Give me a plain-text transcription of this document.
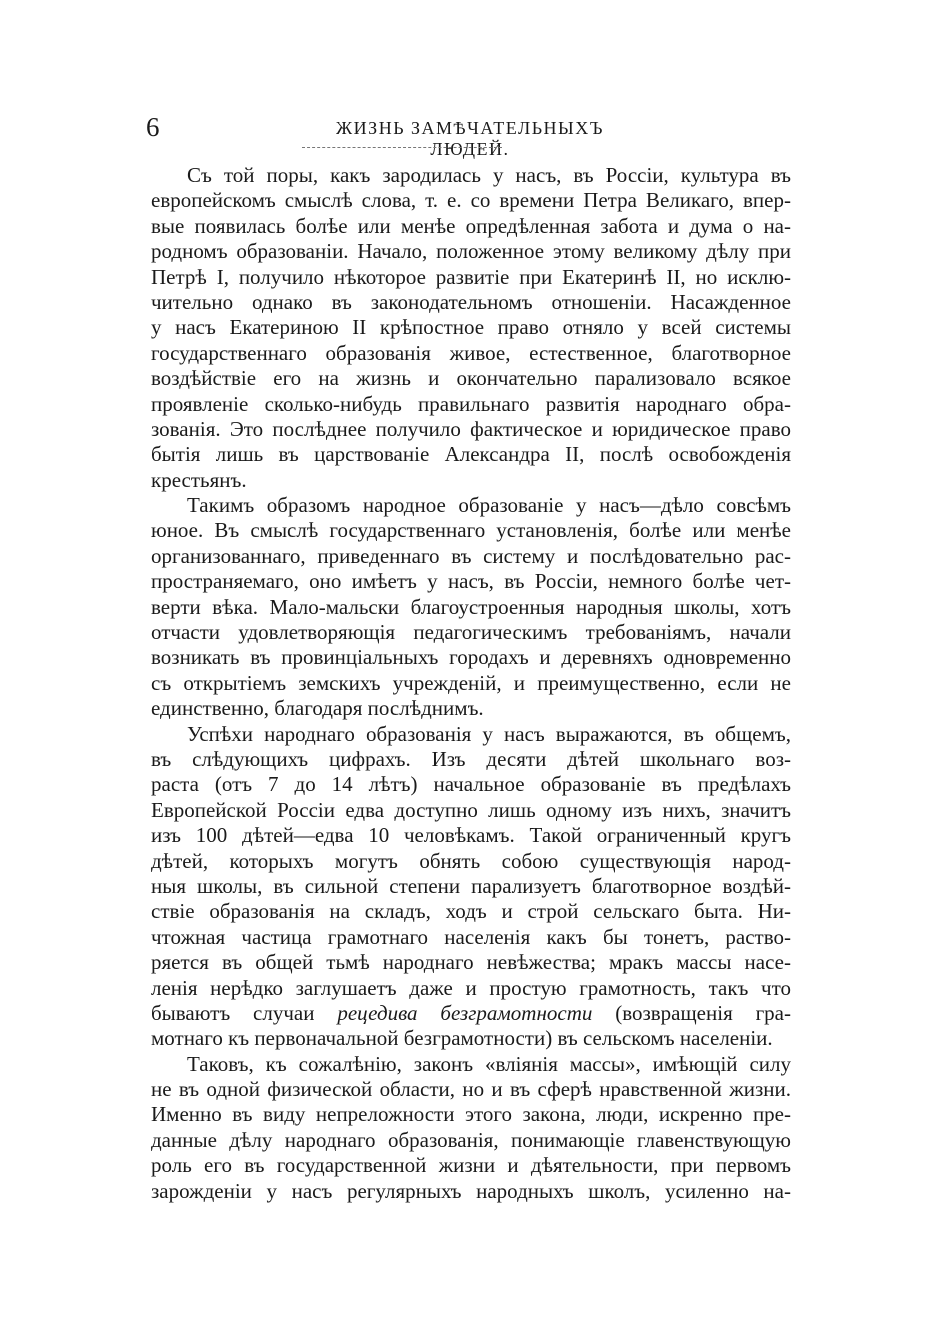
6	ЖИЗНЬ ЗАМѢЧАТЕЛЬНЫХЪ ЛЮДЕЙ.
Съ той поры, какъ зародилась у насъ, въ Россіи, культура въ
европейскомъ смыслѣ слова, т. е. со времени Петра Великаго, впер-
вые появилась болѣе или менѣе опредѣленная забота и дума о на-
родномъ образованіи. Начало, положенное этому великому дѣлу при
Петрѣ I, получило нѣкоторое развитіе при Екатеринѣ II, но исклю-
чительно однако въ законодательномъ отношеніи. Насажденное
у насъ Екатериною II крѣпостное право отняло у всей системы
государственнаго образованія живое, естественное, благотворное
воздѣйствіе его на жизнь и окончательно парализовало всякое
проявленіе сколько-нибудь правильнаго развитія народнаго обра-
зованія. Это послѣднее получило фактическое и юридическое право
бытія лишь въ царствованіе Александра II, послѣ освобожденія
крестьянъ.
Такимъ образомъ народное образованіе у насъ—дѣло совсѣмъ
юное. Въ смыслѣ государственнаго установленія, болѣе или менѣе
организованнаго, приведеннаго въ систему и послѣдовательно рас-
пространяемаго, оно имѣетъ у насъ, въ Россіи, немного болѣе чет-
верти вѣка. Мало-мальски благоустроенныя народныя школы, хотъ
отчасти удовлетворяющія педагогическимъ требованіямъ, начали
возникать въ провинціальныхъ городахъ и деревняхъ одновременно
съ открытіемъ земскихъ учрежденій, и преимущественно, если не
единственно, благодаря послѣднимъ.
Успѣхи народнаго образованія у насъ выражаются, въ общемъ,
въ слѣдующихъ цифрахъ. Изъ десяти дѣтей школьнаго воз-
раста (отъ 7 до 14 лѣтъ) начальное образованіе въ предѣлахъ
Европейской Россіи едва доступно лишь одному изъ нихъ, значитъ
изъ 100 дѣтей—едва 10 человѣкамъ. Такой ограниченный кругъ
дѣтей, которыхъ могутъ обнять собою существующія народ-
ныя школы, въ сильной степени парализуетъ благотворное воздѣй-
ствіе образованія на складъ, ходъ и строй сельскаго быта. Ни-
чтожная частица грамотнаго населенія какъ бы тонетъ, раство-
ряется въ общей тьмѣ народнаго невѣжества; мракъ массы насе-
ленія нерѣдко заглушаетъ даже и простую грамотность, такъ что
бываютъ случаи рецедива безграмотности (возвращенія гра-
мотнаго къ первоначальной безграмотности) въ сельскомъ населеніи.
Таковъ, къ сожалѣнію, законъ «вліянія массы», имѣющій силу
не въ одной физической области, но и въ сферѣ нравственной жизни.
Именно въ виду непреложности этого закона, люди, искренно пре-
данные дѣлу народнаго образованія, понимающіе главенствующую
роль его въ государственной жизни и дѣятельности, при первомъ
зарожденіи у насъ регулярныхъ народныхъ школъ, усиленно на-
